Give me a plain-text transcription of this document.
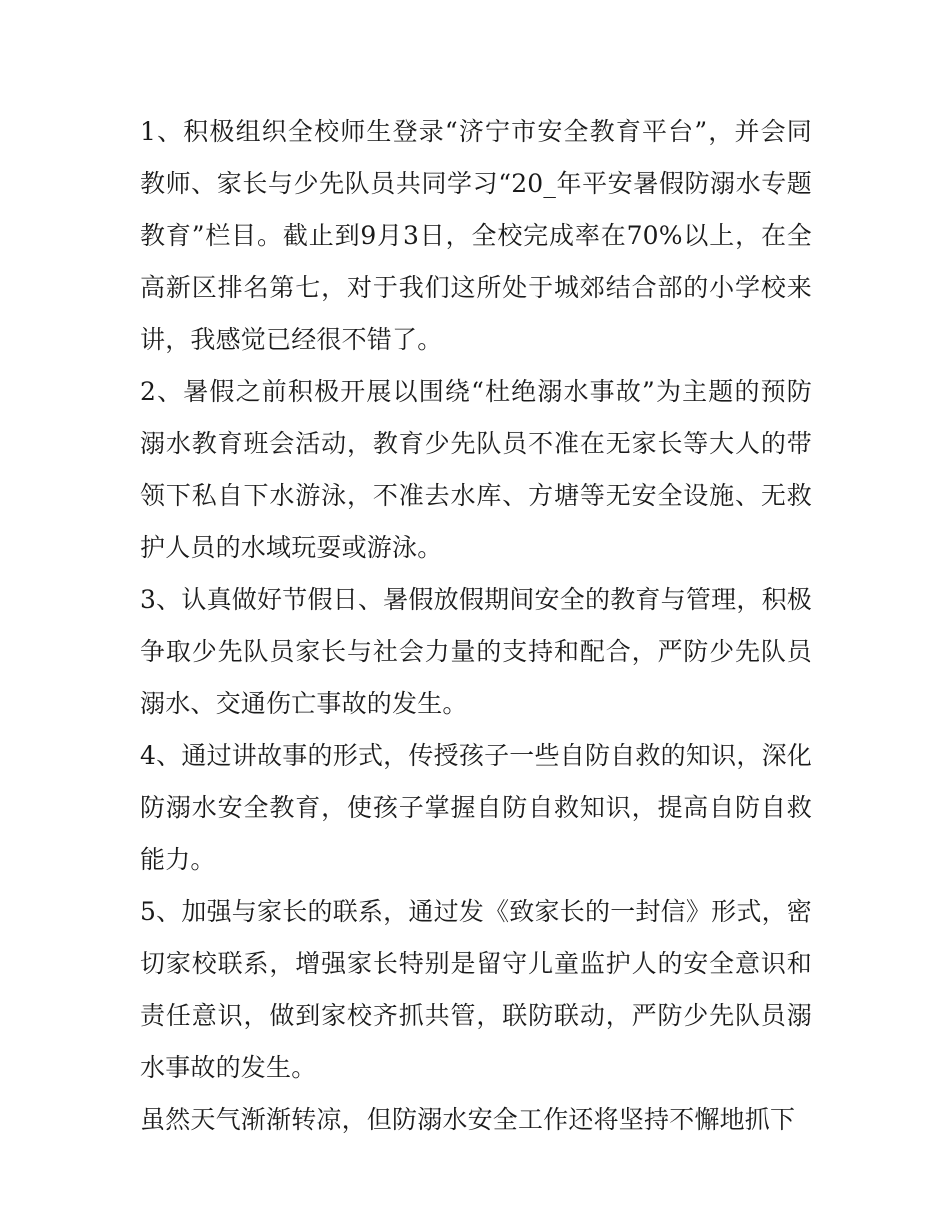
1、积极组织全校师生登录“济宁市安全教育平台”，并会同教师、家长与少先队员共同学习“20_年平安暑假防溺水专题教育”栏目。截止到9月3日，全校完成率在70%以上，在全高新区排名第七，对于我们这所处于城郊结合部的小学校来讲，我感觉已经很不错了。

2、暑假之前积极开展以围绕“杜绝溺水事故”为主题的预防溺水教育班会活动，教育少先队员不准在无家长等大人的带领下私自下水游泳，不准去水库、方塘等无安全设施、无救护人员的水域玩耍或游泳。

3、认真做好节假日、暑假放假期间安全的教育与管理，积极争取少先队员家长与社会力量的支持和配合，严防少先队员溺水、交通伤亡事故的发生。

4、通过讲故事的形式，传授孩子一些自防自救的知识，深化防溺水安全教育，使孩子掌握自防自救知识，提高自防自救能力。

5、加强与家长的联系，通过发《致家长的一封信》形式，密切家校联系，增强家长特别是留守儿童监护人的安全意识和责任意识，做到家校齐抓共管，联防联动，严防少先队员溺水事故的发生。

虽然天气渐渐转凉，但防溺水安全工作还将坚持不懈地抓下
